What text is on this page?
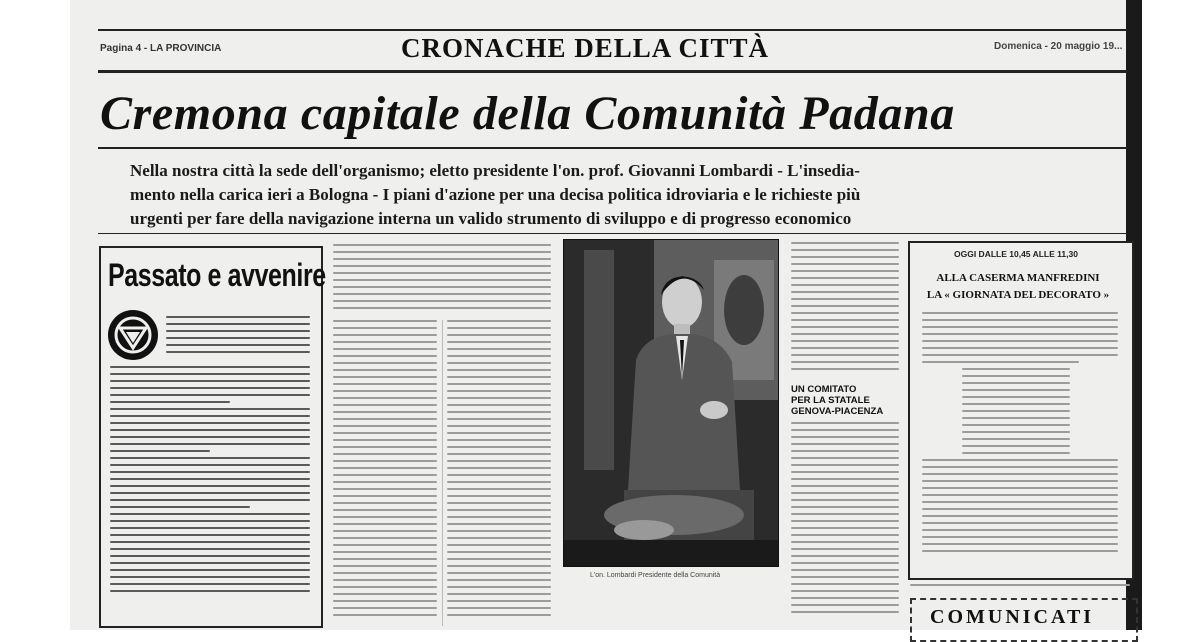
Pagina 4 - LA PROVINCIA	CRONACHE DELLA CITTÀ	Domenica - 20 maggio 19...
Cremona capitale della Comunità Padana
Nella nostra città la sede dell'organismo; eletto presidente l'on. prof. Giovanni Lombardi - L'insedia-
mento nella carica ieri a Bologna - I piani d'azione per una decisa politica idroviaria e le richieste più
urgenti per fare della navigazione interna un valido strumento di sviluppo e di progresso economico
Passato e avvenire
L'on. Lombardi Presidente della Comunità
UN COMITATO
PER LA STATALE
GENOVA-PIACENZA
OGGI DALLE 10,45 ALLE 11,30
ALLA CASERMA MANFREDINI
LA « GIORNATA DEL DECORATO »
COMUNICATI
